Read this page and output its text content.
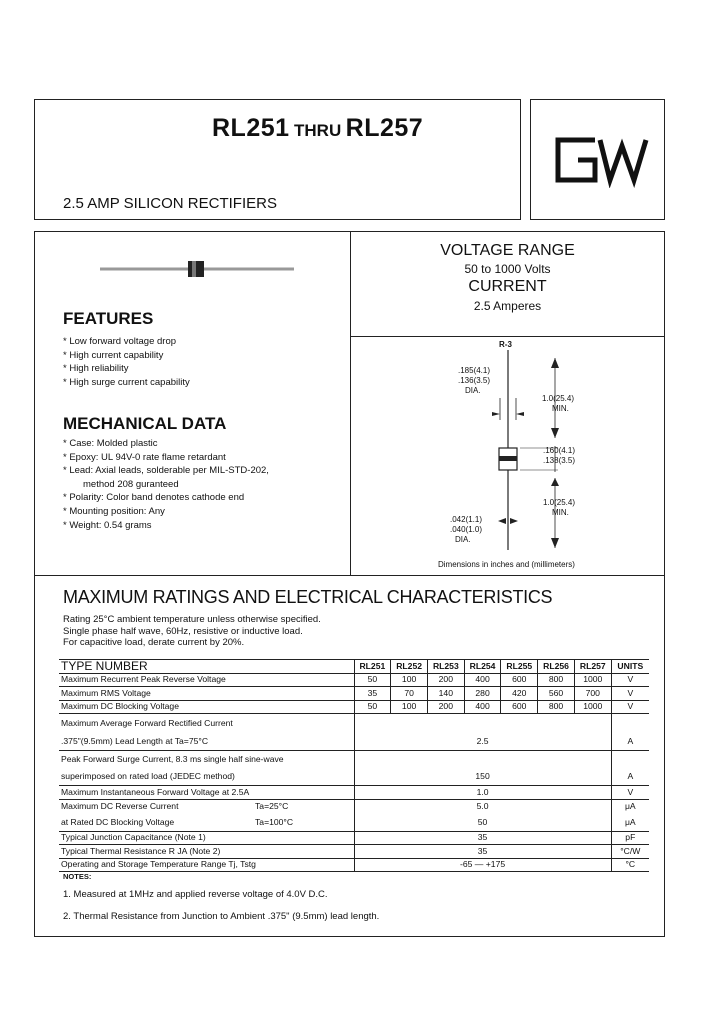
RL251 THRU RL257
2.5 AMP SILICON RECTIFIERS
FEATURES
* Low forward voltage drop
* High current capability
* High reliability
* High surge current capability
MECHANICAL DATA
* Case: Molded plastic
* Epoxy: UL 94V-0 rate flame retardant
* Lead: Axial leads, solderable per MIL-STD-202,
method 208 guranteed
* Polarity: Color band denotes cathode end
* Mounting position: Any
* Weight: 0.54 grams
VOLTAGE RANGE
50 to 1000 Volts
CURRENT
2.5 Amperes
R-3
.185(4.1)
.136(3.5)
DIA.
1.0(25.4)
MIN.
.160(4.1)
.138(3.5)
1.0(25.4)
MIN.
.042(1.1)
.040(1.0)
DIA.
Dimensions in inches and (millimeters)
MAXIMUM RATINGS AND ELECTRICAL CHARACTERISTICS
Rating 25°C ambient temperature unless otherwise specified.
Single phase half wave, 60Hz, resistive or inductive load.
For capacitive load, derate current by 20%.
TYPE NUMBER	RL251	RL252	RL253	RL254	RL255	RL256	RL257	UNITS
Maximum Recurrent Peak Reverse Voltage	50	100	200	400	600	800	1000	V
Maximum RMS Voltage	35	70	140	280	420	560	700	V
Maximum DC Blocking Voltage	50	100	200	400	600	800	1000	V
Maximum Average Forward Rectified Current								
.375"(9.5mm) Lead Length at Ta=75°C	2.5							A
Peak Forward Surge Current, 8.3 ms single half sine-wave								
superimposed on rated load (JEDEC method)	150							A
Maximum Instantaneous Forward Voltage at 2.5A	1.0							V
Maximum DC Reverse Current Ta=25°C	5.0							μA
at Rated DC Blocking Voltage Ta=100°C	50							μA
Typical Junction Capacitance (Note 1)	35							pF
Typical Thermal Resistance R JA (Note 2)	35							°C/W
Operating and Storage Temperature Range Tj, Tstg	-65 — +175							°C
NOTES:
1. Measured at 1MHz and applied reverse voltage of 4.0V D.C.
2. Thermal Resistance from Junction to Ambient .375" (9.5mm) lead length.
